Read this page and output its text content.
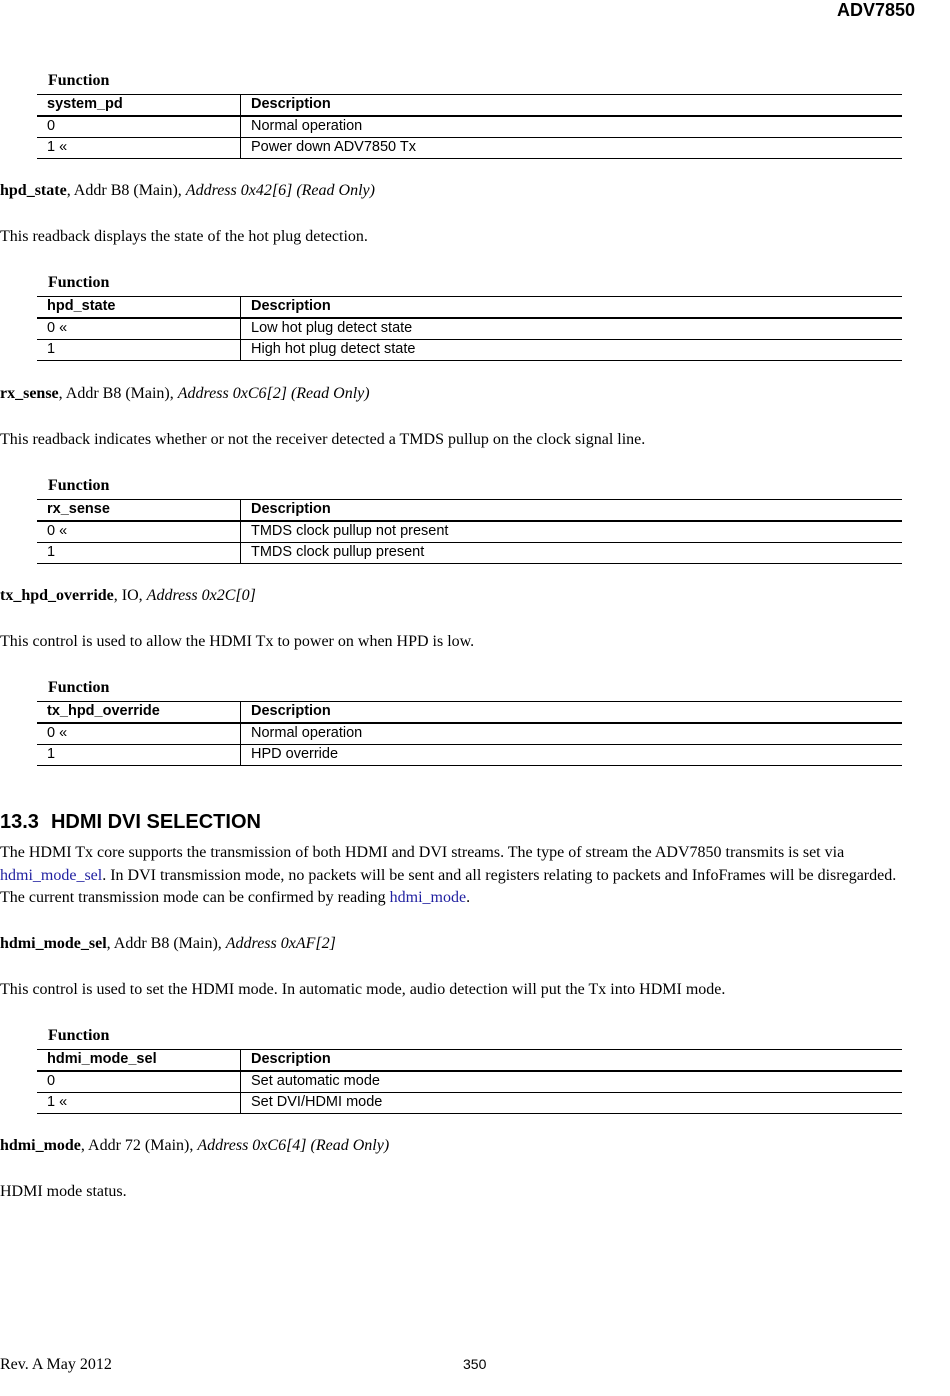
ADV7850
Function
system_pd	Description
0	Normal operation
1 «	Power down ADV7850 Tx
hpd_state, Addr B8 (Main), Address 0x42[6] (Read Only)
This readback displays the state of the hot plug detection.
Function
hpd_state	Description
0 «	Low hot plug detect state
1	High hot plug detect state
rx_sense, Addr B8 (Main), Address 0xC6[2] (Read Only)
This readback indicates whether or not the receiver detected a TMDS pullup on the clock signal line.
Function
rx_sense	Description
0 «	TMDS clock pullup not present
1	TMDS clock pullup present
tx_hpd_override, IO, Address 0x2C[0]
This control is used to allow the HDMI Tx to power on when HPD is low.
Function
tx_hpd_override	Description
0 «	Normal operation
1	HPD override
13.3 HDMI DVI SELECTION
The HDMI Tx core supports the transmission of both HDMI and DVI streams. The type of stream the ADV7850 transmits is set via hdmi_mode_sel. In DVI transmission mode, no packets will be sent and all registers relating to packets and InfoFrames will be disregarded. The current transmission mode can be confirmed by reading hdmi_mode.
hdmi_mode_sel, Addr B8 (Main), Address 0xAF[2]
This control is used to set the HDMI mode. In automatic mode, audio detection will put the Tx into HDMI mode.
Function
hdmi_mode_sel	Description
0	Set automatic mode
1 «	Set DVI/HDMI mode
hdmi_mode, Addr 72 (Main), Address 0xC6[4] (Read Only)
HDMI mode status.
Rev. A May 2012	350
